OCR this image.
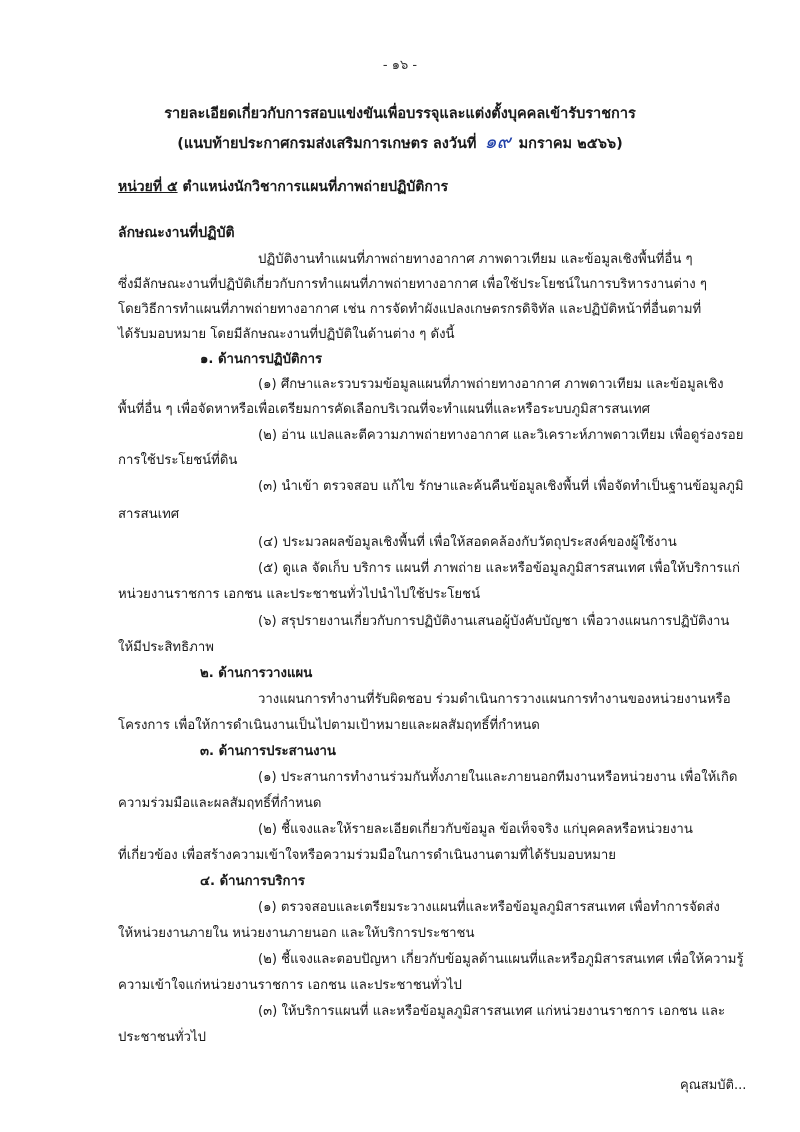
- ๑๖ -
รายละเอียดเกี่ยวกับการสอบแข่งขันเพื่อบรรจุและแต่งตั้งบุคคลเข้ารับราชการ
(แนบท้ายประกาศกรมส่งเสริมการเกษตร ลงวันที่ ๑๙ มกราคม ๒๕๖๖)
หน่วยที่ ๕ ตำแหน่งนักวิชาการแผนที่ภาพถ่ายปฏิบัติการ
ลักษณะงานที่ปฏิบัติ
ปฏิบัติงานทำแผนที่ภาพถ่ายทางอากาศ ภาพดาวเทียม และข้อมูลเชิงพื้นที่อื่น ๆ
ซึ่งมีลักษณะงานที่ปฏิบัติเกี่ยวกับการทำแผนที่ภาพถ่ายทางอากาศ เพื่อใช้ประโยชน์ในการบริหารงานต่าง ๆ
โดยวิธีการทำแผนที่ภาพถ่ายทางอากาศ เช่น การจัดทำผังแปลงเกษตรกรดิจิทัล และปฏิบัติหน้าที่อื่นตามที่
ได้รับมอบหมาย โดยมีลักษณะงานที่ปฏิบัติในด้านต่าง ๆ ดังนี้
๑. ด้านการปฏิบัติการ
(๑) ศึกษาและรวบรวมข้อมูลแผนที่ภาพถ่ายทางอากาศ ภาพดาวเทียม และข้อมูลเชิง
พื้นที่อื่น ๆ เพื่อจัดหาหรือเพื่อเตรียมการคัดเลือกบริเวณที่จะทำแผนที่และหรือระบบภูมิสารสนเทศ
(๒) อ่าน แปลและตีความภาพถ่ายทางอากาศ และวิเคราะห์ภาพดาวเทียม เพื่อดูร่องรอย
การใช้ประโยชน์ที่ดิน
(๓) นำเข้า ตรวจสอบ แก้ไข รักษาและค้นคืนข้อมูลเชิงพื้นที่ เพื่อจัดทำเป็นฐานข้อมูลภูมิ
สารสนเทศ
(๔) ประมวลผลข้อมูลเชิงพื้นที่ เพื่อให้สอดคล้องกับวัตถุประสงค์ของผู้ใช้งาน
(๕) ดูแล จัดเก็บ บริการ แผนที่ ภาพถ่าย และหรือข้อมูลภูมิสารสนเทศ เพื่อให้บริการแก่
หน่วยงานราชการ เอกชน และประชาชนทั่วไปนำไปใช้ประโยชน์
(๖) สรุปรายงานเกี่ยวกับการปฏิบัติงานเสนอผู้บังคับบัญชา เพื่อวางแผนการปฏิบัติงาน
ให้มีประสิทธิภาพ
๒. ด้านการวางแผน
วางแผนการทำงานที่รับผิดชอบ ร่วมดำเนินการวางแผนการทำงานของหน่วยงานหรือ
โครงการ เพื่อให้การดำเนินงานเป็นไปตามเป้าหมายและผลสัมฤทธิ์ที่กำหนด
๓. ด้านการประสานงาน
(๑) ประสานการทำงานร่วมกันทั้งภายในและภายนอกทีมงานหรือหน่วยงาน เพื่อให้เกิด
ความร่วมมือและผลสัมฤทธิ์ที่กำหนด
(๒) ชี้แจงและให้รายละเอียดเกี่ยวกับข้อมูล ข้อเท็จจริง แก่บุคคลหรือหน่วยงาน
ที่เกี่ยวข้อง เพื่อสร้างความเข้าใจหรือความร่วมมือในการดำเนินงานตามที่ได้รับมอบหมาย
๔. ด้านการบริการ
(๑) ตรวจสอบและเตรียมระวางแผนที่และหรือข้อมูลภูมิสารสนเทศ เพื่อทำการจัดส่ง
ให้หน่วยงานภายใน หน่วยงานภายนอก และให้บริการประชาชน
(๒) ชี้แจงและตอบปัญหา เกี่ยวกับข้อมูลด้านแผนที่และหรือภูมิสารสนเทศ เพื่อให้ความรู้
ความเข้าใจแก่หน่วยงานราชการ เอกชน และประชาชนทั่วไป
(๓) ให้บริการแผนที่ และหรือข้อมูลภูมิสารสนเทศ แก่หน่วยงานราชการ เอกชน และ
ประชาชนทั่วไป
คุณสมบัติ...
